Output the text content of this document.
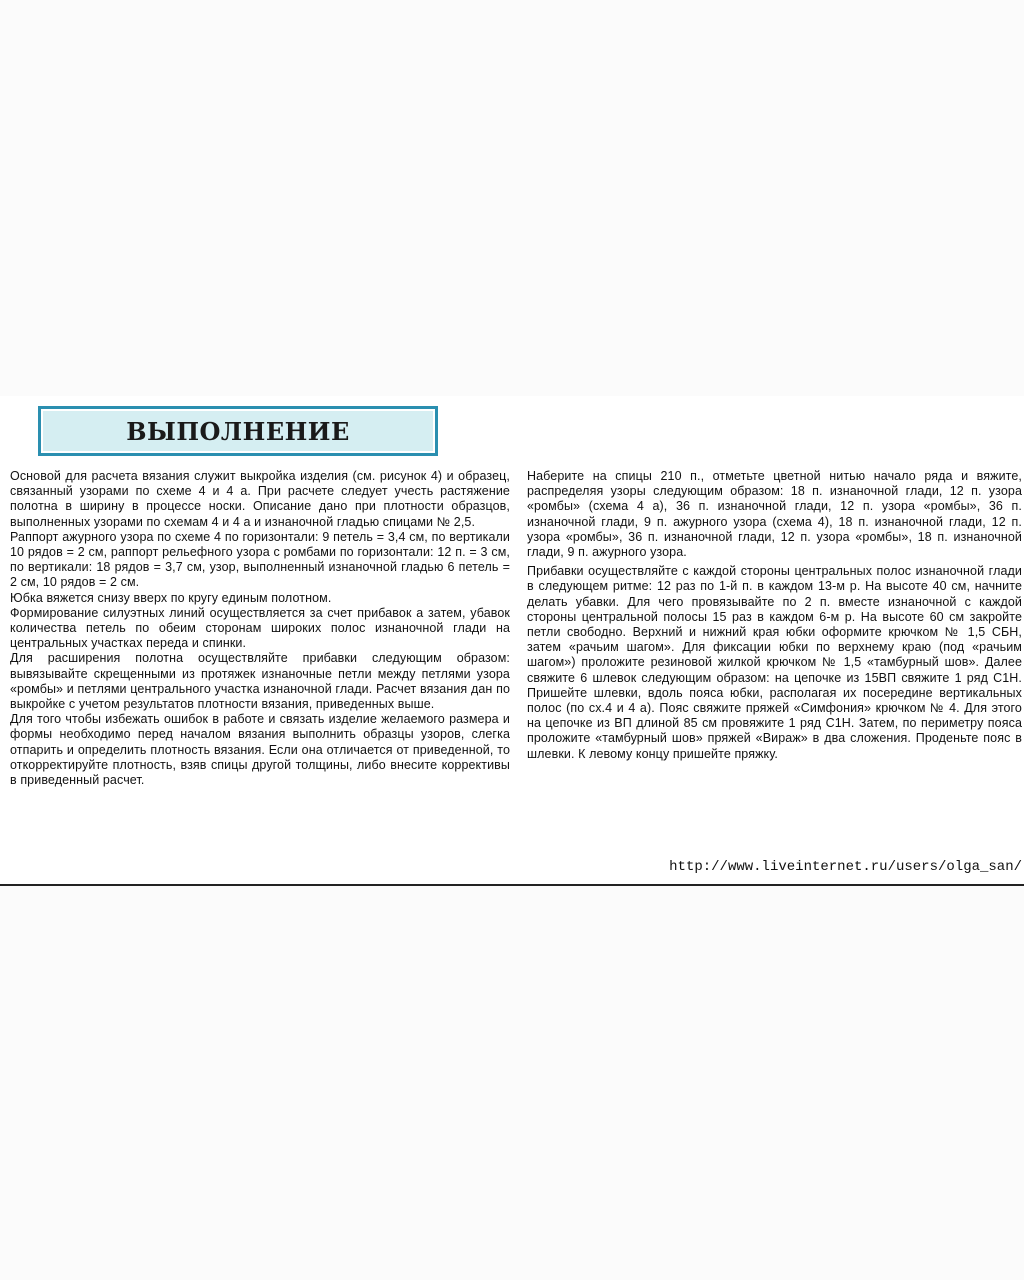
ВЫПОЛНЕНИЕ

Основой для расчета вязания служит выкройка изделия (см. рисунок 4) и образец, связанный узорами по схеме 4 и 4 а. При расчете следует учесть растяжение полотна в ширину в процессе носки. Описание дано при плотности образцов, выполненных узорами по схемам 4 и 4 а и изнаночной гладью спицами № 2,5.

Раппорт ажурного узора по схеме 4 по горизонтали: 9 петель = 3,4 см, по вертикали 10 рядов = 2 см, раппорт рельефного узора с ромбами по горизонтали: 12 п. = 3 см, по вертикали: 18 рядов = 3,7 см, узор, выполненный изнаночной гладью 6 петель = 2 см, 10 рядов = 2 см.

Юбка вяжется снизу вверх по кругу единым полотном.

Формирование силуэтных линий осуществляется за счет прибавок а затем, убавок количества петель по обеим сторонам широких полос изнаночной глади на центральных участках переда и спинки.

Для расширения полотна осуществляйте прибавки следующим образом: вывязывайте скрещенными из протяжек изнаночные петли между петлями узора «ромбы» и петлями центрального участка изнаночной глади. Расчет вязания дан по выкройке с учетом результатов плотности вязания, приведенных выше.

Для того чтобы избежать ошибок в работе и связать изделие желаемого размера и формы необходимо перед началом вязания выполнить образцы узоров, слегка отпарить и определить плотность вязания. Если она отличается от приведенной, то откорректируйте плотность, взяв спицы другой толщины, либо внесите коррективы в приведенный расчет.

Наберите на спицы 210 п., отметьте цветной нитью начало ряда и вяжите, распределяя узоры следующим образом: 18 п. изнаночной глади, 12 п. узора «ромбы» (схема 4 а), 36 п. изнаночной глади, 12 п. узора «ромбы», 36 п. изнаночной глади, 9 п. ажурного узора (схема 4), 18 п. изнаночной глади, 12 п. узора «ромбы», 36 п. изнаночной глади, 12 п. узора «ромбы», 18 п. изнаночной глади, 9 п. ажурного узора.

Прибавки осуществляйте с каждой стороны центральных полос изнаночной глади в следующем ритме: 12 раз по 1-й п. в каждом 13-м р. На высоте 40 см, начните делать убавки. Для чего провязывайте по 2 п. вместе изнаночной с каждой стороны центральной полосы 15 раз в каждом 6-м р. На высоте 60 см закройте петли свободно. Верхний и нижний края юбки оформите крючком № 1,5 СБН, затем «рачьим шагом». Для фиксации юбки по верхнему краю (под «рачьим шагом») проложите резиновой жилкой крючком № 1,5 «тамбурный шов». Далее свяжите 6 шлевок следующим образом: на цепочке из 15ВП свяжите 1 ряд С1Н. Пришейте шлевки, вдоль пояса юбки, располагая их посередине вертикальных полос (по сх.4 и 4 а). Пояс свяжите пряжей «Симфония» крючком № 4. Для этого на цепочке из ВП длиной 85 см провяжите 1 ряд С1Н. Затем, по периметру пояса проложите «тамбурный шов» пряжей «Вираж» в два сложения. Проденьте пояс в шлевки. К левому концу пришейте пряжку.

http://www.liveinternet.ru/users/olga_san/
